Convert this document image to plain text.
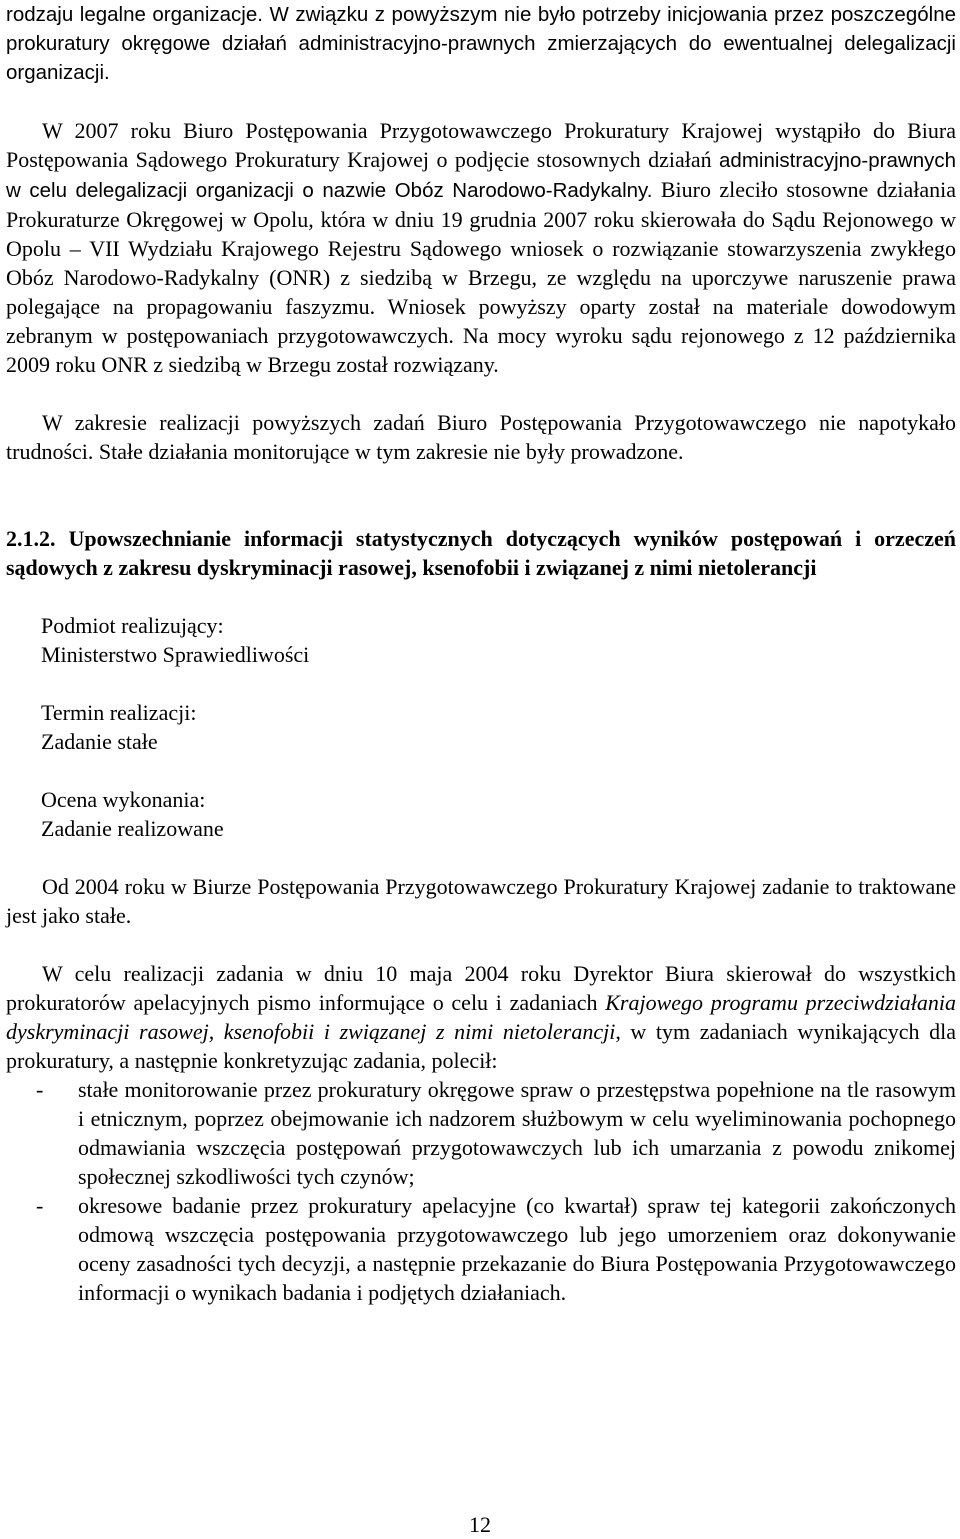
rodzaju legalne organizacje. W związku z powyższym nie było potrzeby inicjowania przez poszczególne prokuratury okręgowe działań administracyjno-prawnych zmierzających do ewentualnej delegalizacji organizacji.

W 2007 roku Biuro Postępowania Przygotowawczego Prokuratury Krajowej wystąpiło do Biura Postępowania Sądowego Prokuratury Krajowej o podjęcie stosownych działań administracyjno-prawnych w celu delegalizacji organizacji o nazwie Obóz Narodowo-Radykalny. Biuro zleciło stosowne działania Prokuraturze Okręgowej w Opolu, która w dniu 19 grudnia 2007 roku skierowała do Sądu Rejonowego w Opolu – VII Wydziału Krajowego Rejestru Sądowego wniosek o rozwiązanie stowarzyszenia zwykłego Obóz Narodowo-Radykalny (ONR) z siedzibą w Brzegu, ze względu na uporczywe naruszenie prawa polegające na propagowaniu faszyzmu. Wniosek powyższy oparty został na materiale dowodowym zebranym w postępowaniach przygotowawczych. Na mocy wyroku sądu rejonowego z 12 października 2009 roku ONR z siedzibą w Brzegu został rozwiązany.

W zakresie realizacji powyższych zadań Biuro Postępowania Przygotowawczego nie napotykało trudności. Stałe działania monitorujące w tym zakresie nie były prowadzone.

2.1.2. Upowszechnianie informacji statystycznych dotyczących wyników postępowań i orzeczeń sądowych z zakresu dyskryminacji rasowej, ksenofobii i związanej z nimi nietolerancji

Podmiot realizujący:
Ministerstwo Sprawiedliwości
Termin realizacji:
Zadanie stałe
Ocena wykonania:
Zadanie realizowane

Od 2004 roku w Biurze Postępowania Przygotowawczego Prokuratury Krajowej zadanie to traktowane jest jako stałe.

W celu realizacji zadania w dniu 10 maja 2004 roku Dyrektor Biura skierował do wszystkich prokuratorów apelacyjnych pismo informujące o celu i zadaniach Krajowego programu przeciwdziałania dyskryminacji rasowej, ksenofobii i związanej z nimi nietolerancji, w tym zadaniach wynikających dla prokuratury, a następnie konkretyzując zadania, polecił:

- stałe monitorowanie przez prokuratury okręgowe spraw o przestępstwa popełnione na tle rasowym i etnicznym, poprzez obejmowanie ich nadzorem służbowym w celu wyeliminowania pochopnego odmawiania wszczęcia postępowań przygotowawczych lub ich umarzania z powodu znikomej społecznej szkodliwości tych czynów;
- okresowe badanie przez prokuratury apelacyjne (co kwartał) spraw tej kategorii zakończonych odmową wszczęcia postępowania przygotowawczego lub jego umorzeniem oraz dokonywanie oceny zasadności tych decyzji, a następnie przekazanie do Biura Postępowania Przygotowawczego informacji o wynikach badania i podjętych działaniach.
12
